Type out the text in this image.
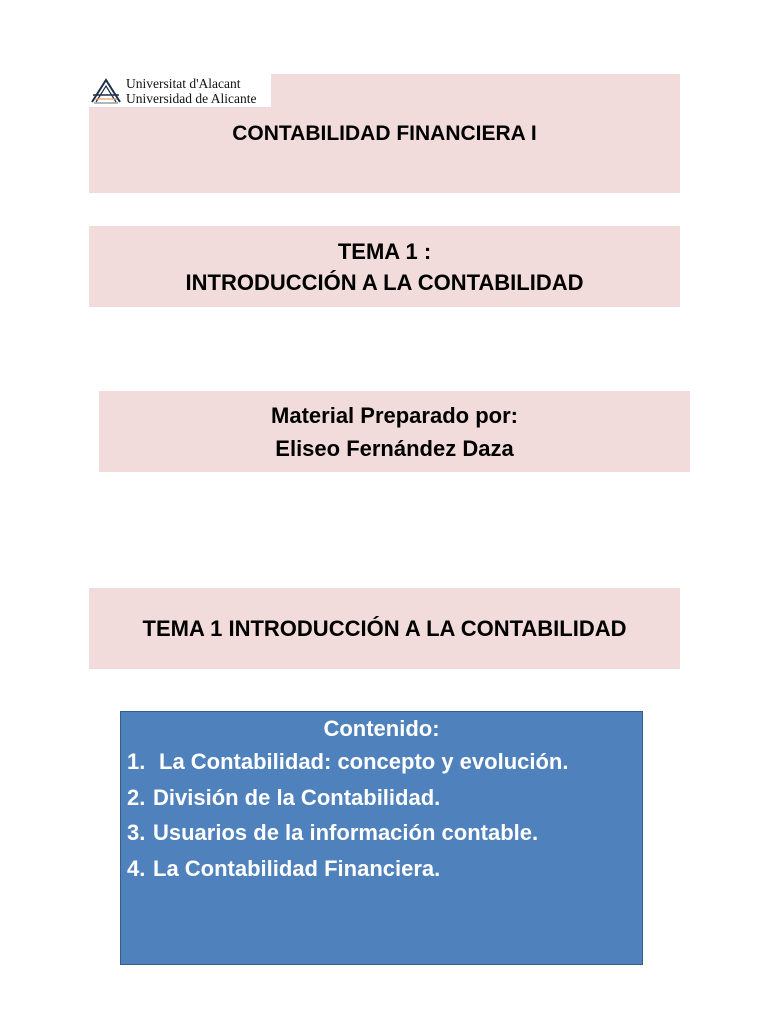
Universitat d'Alacant
Universidad de Alicante
CONTABILIDAD FINANCIERA I
TEMA 1 :
INTRODUCCIÓN A LA CONTABILIDAD
Material Preparado por:
Eliseo Fernández Daza
TEMA 1 INTRODUCCIÓN A LA CONTABILIDAD
Contenido:
1. La Contabilidad: concepto y evolución.
2. División de la Contabilidad.
3. Usuarios de la información contable.
4. La Contabilidad Financiera.
